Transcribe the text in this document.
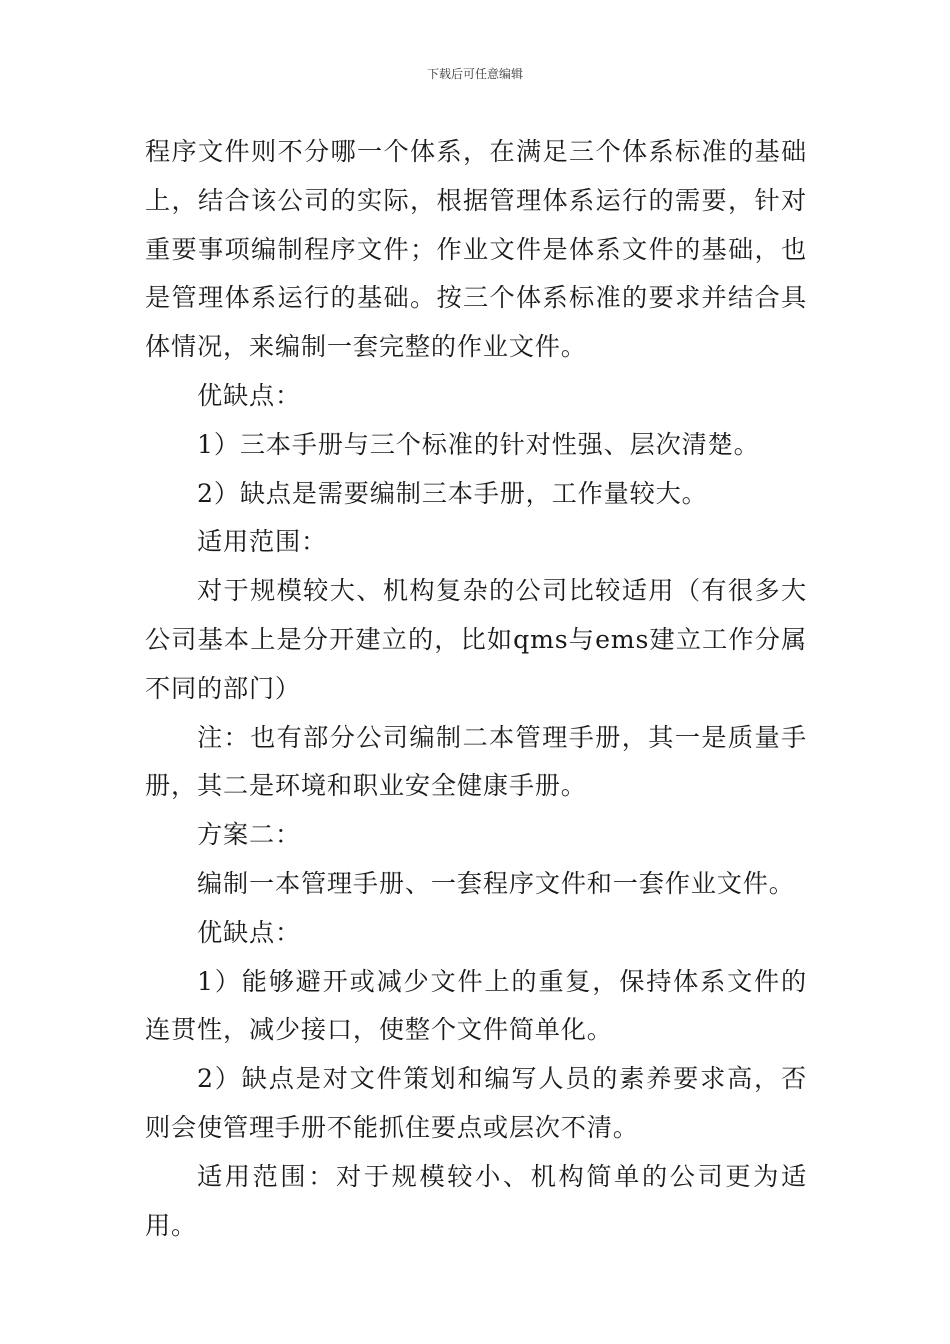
下载后可任意编辑

程序文件则不分哪一个体系，在满足三个体系标准的基础上，结合该公司的实际，根据管理体系运行的需要，针对重要事项编制程序文件；作业文件是体系文件的基础，也是管理体系运行的基础。按三个体系标准的要求并结合具体情况，来编制一套完整的作业文件。

优缺点：

1）三本手册与三个标准的针对性强、层次清楚。

2）缺点是需要编制三本手册，工作量较大。

适用范围：

对于规模较大、机构复杂的公司比较适用（有很多大公司基本上是分开建立的，比如qms与ems建立工作分属不同的部门）

注：也有部分公司编制二本管理手册，其一是质量手册，其二是环境和职业安全健康手册。

方案二：

编制一本管理手册、一套程序文件和一套作业文件。

优缺点：

1）能够避开或减少文件上的重复，保持体系文件的连贯性，减少接口，使整个文件简单化。

2）缺点是对文件策划和编写人员的素养要求高，否则会使管理手册不能抓住要点或层次不清。

适用范围：对于规模较小、机构简单的公司更为适用。
